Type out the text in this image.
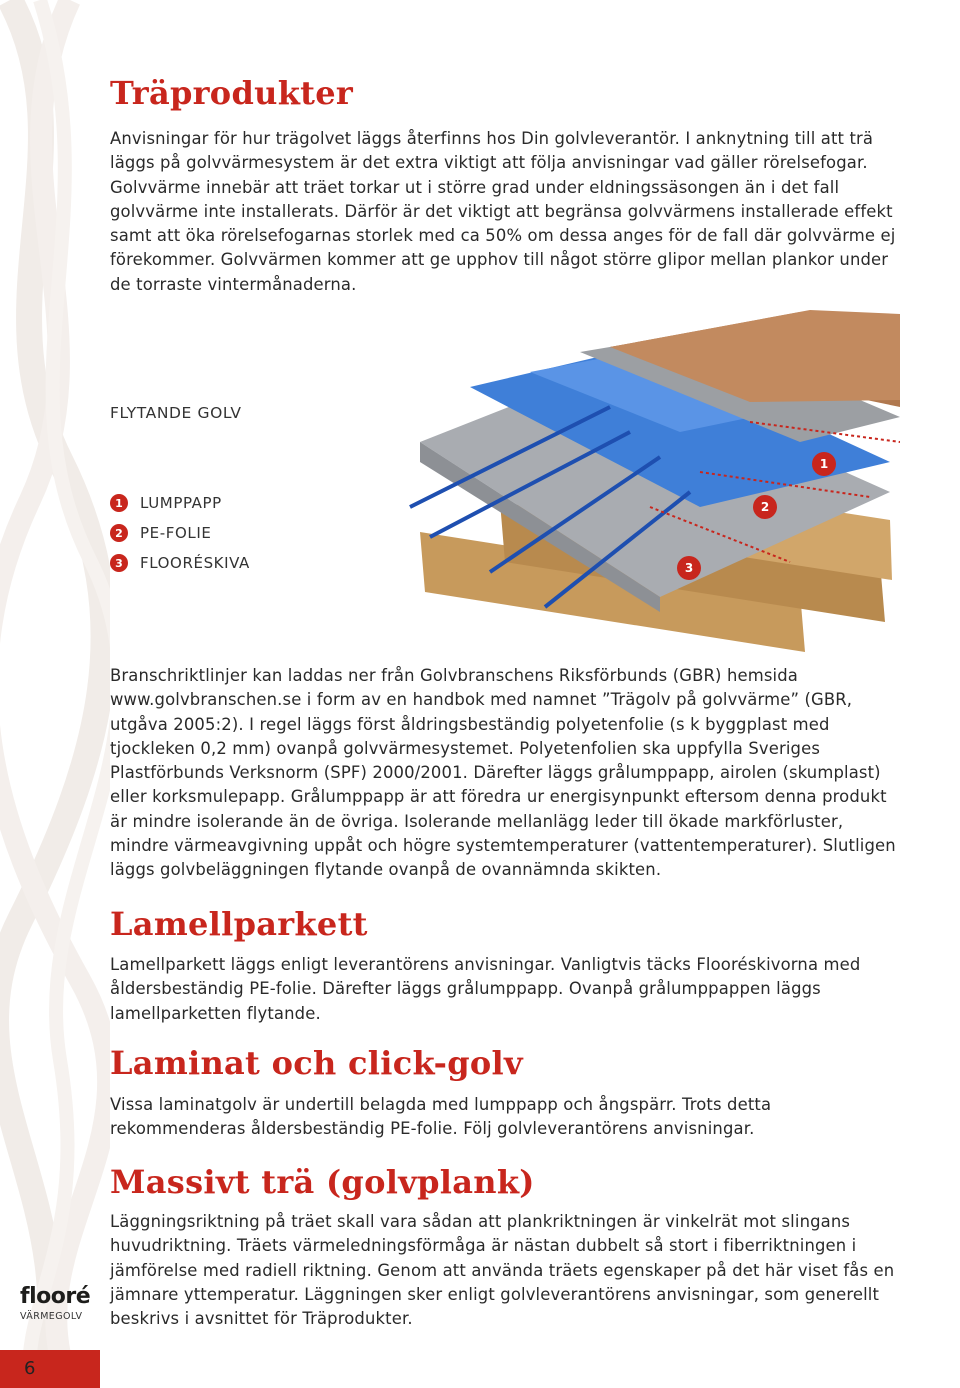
Träprodukter

Anvisningar för hur trägolvet läggs återfinns hos Din golvleverantör. I anknytning till att trä läggs på golvvärmesystem är det extra viktigt att följa anvisningar vad gäller rörelsefogar. Golvvärme innebär att träet torkar ut i större grad under eldningssäsongen än i det fall golvvärme inte installerats. Därför är det viktigt att begränsa golvvärmens installerade effekt samt att öka rörelsefogarnas storlek med ca 50% om dessa anges för de fall där golvvärme ej förekommer. Golvvärmen kommer att ge upphov till något större glipor mellan plankor under de torraste vintermånaderna.

FLYTANDE GOLV
1	LUMPPAPP
2	PE-FOLIE
3	FLOORÉSKIVA
1
2
3

Branschriktlinjer kan laddas ner från Golvbranschens Riksförbunds (GBR) hemsida www.golvbranschen.se i form av en handbok med namnet ”Trägolv på golvvärme” (GBR, utgåva 2005:2). I regel läggs först åldringsbeständig polyetenfolie (s k byggplast med tjockleken 0,2 mm) ovanpå golvvärmesystemet. Polyetenfolien ska uppfylla Sveriges Plastförbunds Verksnorm (SPF) 2000/2001. Därefter läggs grålumppapp, airolen (skumplast) eller korksmulepapp. Grålumppapp är att föredra ur energisynpunkt eftersom denna produkt är mindre isolerande än de övriga. Isolerande mellanlägg leder till ökade markförluster, mindre värmeavgivning uppåt och högre systemtemperaturer (vattentemperaturer). Slutligen läggs golvbeläggningen flytande ovanpå de ovannämnda skikten.

Lamellparkett

Lamellparkett läggs enligt leverantörens anvisningar. Vanligtvis täcks Flooréskivorna med åldersbeständig PE-folie. Därefter läggs grålumppapp. Ovanpå grålumppappen läggs lamellparketten flytande.

Laminat och click-golv

Vissa laminatgolv är undertill belagda med lumppapp och ångspärr. Trots detta rekommenderas åldersbeständig PE-folie. Följ golvleverantörens anvisningar.

Massivt trä (golvplank)

Läggningsriktning på träet skall vara sådan att plankriktningen är vinkelrät mot slingans huvudriktning. Träets värmeledningsförmåga är nästan dubbelt så stort i fiberriktningen i jämförelse med radiell riktning. Genom att använda träets egenskaper på det här viset fås en jämnare yttemperatur. Läggningen sker enligt golvleverantörens anvisningar, som generellt beskrivs i avsnittet för Träprodukter.

flooré
VÄRMEGOLV
6
